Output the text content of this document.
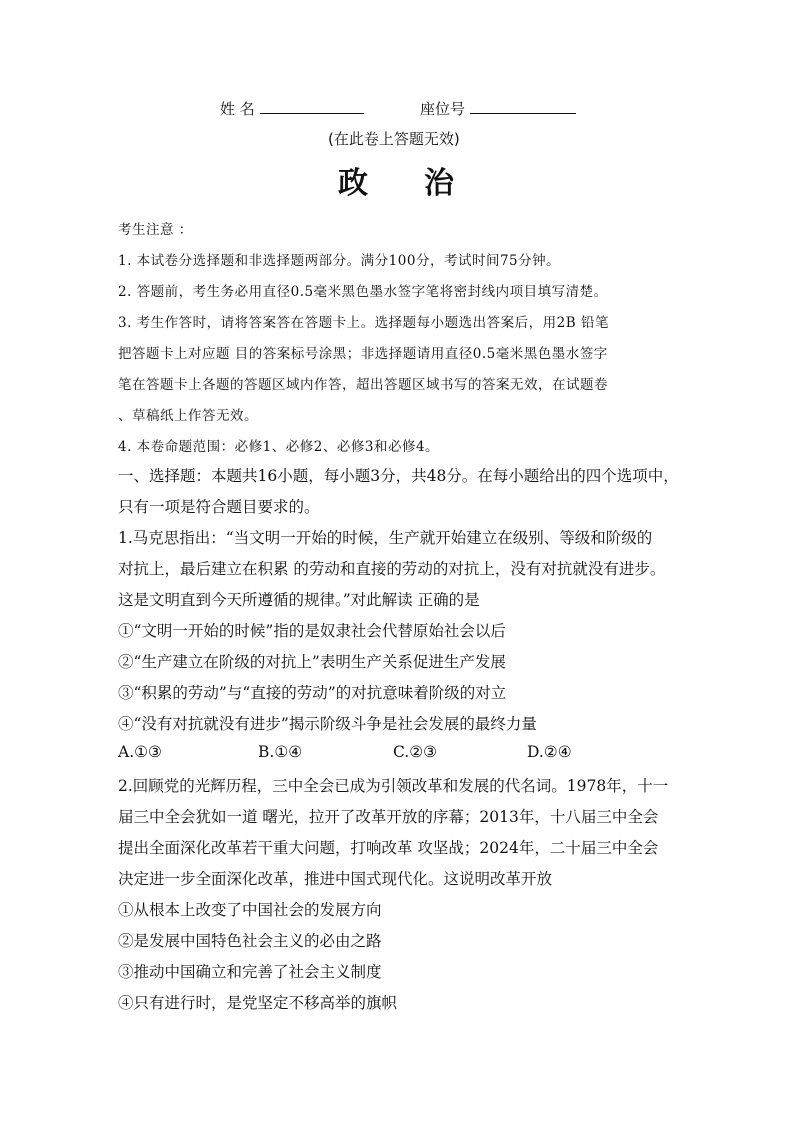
姓 名	座位号
(在此卷上答题无效)
政 治
考生注意 ：
1. 本试卷分选择题和非选择题两部分。满分100分，考试时间75分钟。
2. 答题前，考生务必用直径0.5毫米黑色墨水签字笔将密封线内项目填写清楚。
3. 考生作答时，请将答案答在答题卡上。选择题每小题选出答案后，用2B 铅笔
把答题卡上对应题 目的答案标号涂黑；非选择题请用直径0.5毫米黑色墨水签字
笔在答题卡上各题的答题区域内作答，超出答题区域书写的答案无效，在试题卷
、草稿纸上作答无效。
4. 本卷命题范围：必修1、必修2、必修3和必修4。
一、选择题：本题共16小题，每小题3分，共48分。在每小题给出的四个选项中，
只有一项是符合题目要求的。
1.马克思指出：“当文明一开始的时候，生产就开始建立在级别、等级和阶级的
对抗上，最后建立在积累 的劳动和直接的劳动的对抗上，没有对抗就没有进步。
这是文明直到今天所遵循的规律。”对此解读 正确的是
①“文明一开始的时候”指的是奴隶社会代替原始社会以后
②“生产建立在阶级的对抗上”表明生产关系促进生产发展
③“积累的劳动”与“直接的劳动”的对抗意味着阶级的对立
④“没有对抗就没有进步”揭示阶级斗争是社会发展的最终力量
A.①③	B.①④	C.②③	D.②④
2.回顾党的光辉历程，三中全会已成为引领改革和发展的代名词。1978年，十一
届三中全会犹如一道 曙光，拉开了改革开放的序幕；2013年，十八届三中全会
提出全面深化改革若干重大问题，打响改革 攻坚战；2024年，二十届三中全会
决定进一步全面深化改革，推进中国式现代化。这说明改革开放
①从根本上改变了中国社会的发展方向
②是发展中国特色社会主义的必由之路
③推动中国确立和完善了社会主义制度
④只有进行时，是党坚定不移高举的旗帜
